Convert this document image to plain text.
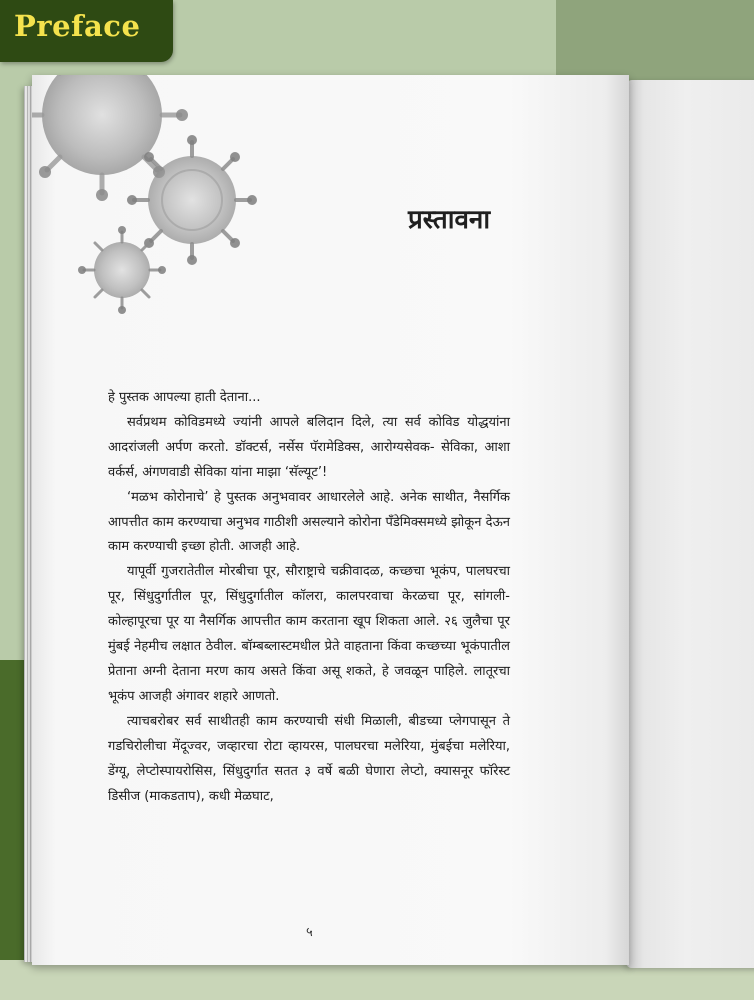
Preface
प्रस्तावना

हे पुस्तक आपल्या हाती देताना...

सर्वप्रथम कोविडमध्ये ज्यांनी आपले बलिदान दिले, त्या सर्व कोविड योद्धयांना आदरांजली अर्पण करतो. डॉक्टर्स, नर्सेस पॅरामेडिक्स, आरोग्यसेवक- सेविका, आशा वर्कर्स, अंगणवाडी सेविका यांना माझा ‘सॅल्यूट’!

‘मळभ कोरोनाचे’ हे पुस्तक अनुभवावर आधारलेले आहे. अनेक साथीत, नैसर्गिक आपत्तीत काम करण्याचा अनुभव गाठीशी असल्याने कोरोना पॅंडेमिक्समध्ये झोकून देऊन काम करण्याची इच्छा होती. आजही आहे.

यापूर्वी गुजरातेतील मोरबीचा पूर, सौराष्ट्राचे चक्रीवादळ, कच्छचा भूकंप, पालघरचा पूर, सिंधुदुर्गातील पूर, सिंधुदुर्गातील कॉलरा, कालपरवाचा केरळचा पूर, सांगली-कोल्हापूरचा पूर या नैसर्गिक आपत्तीत काम करताना खूप शिकता आले. २६ जुलैचा पूर मुंबई नेहमीच लक्षात ठेवील. बॉम्बब्लास्टमधील प्रेते वाहताना किंवा कच्छच्या भूकंपातील प्रेताना अग्नी देताना मरण काय असते किंवा असू शकते, हे जवळून पाहिले. लातूरचा भूकंप आजही अंगावर शहारे आणतो.

त्याचबरोबर सर्व साथीतही काम करण्याची संधी मिळाली, बीडच्या प्लेगपासून ते गडचिरोलीचा मेंदूज्वर, जव्हारचा रोटा व्हायरस, पालघरचा मलेरिया, मुंबईचा मलेरिया, डेंग्यू, लेप्टोस्पायरोसिस, सिंधुदुर्गात सतत ३ वर्षे बळी घेणारा लेप्टो, क्यासनूर फॉरेस्ट डिसीज (माकडताप), कधी मेळघाट,

५
